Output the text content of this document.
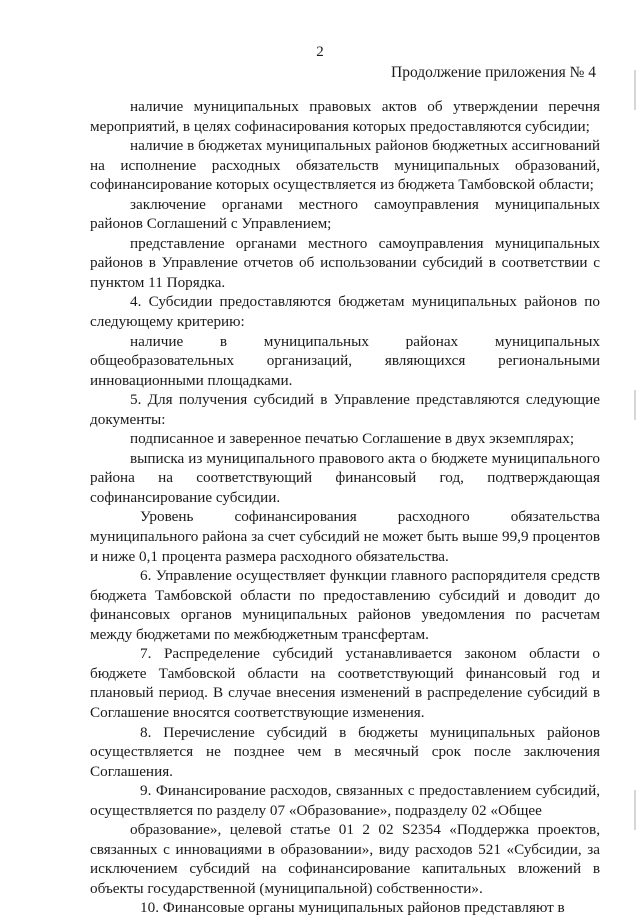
2
Продолжение приложения № 4

наличие муниципальных правовых актов об утверждении перечня мероприятий, в целях софинасирования которых предоставляются субсидии;

наличие в бюджетах муниципальных районов бюджетных ассигнований на исполнение расходных обязательств муниципальных образований, софинансирование которых осуществляется из бюджета Тамбовской области;

заключение органами местного самоуправления муниципальных районов Соглашений с Управлением;

представление органами местного самоуправления муниципальных районов в Управление отчетов об использовании субсидий в соответствии с пунктом 11 Порядка.

4. Субсидии предоставляются бюджетам муниципальных районов по следующему критерию:

наличие в муниципальных районах муниципальных общеобразовательных организаций, являющихся региональными инновационными площадками.

5. Для получения субсидий в Управление представляются следующие документы:

подписанное и заверенное печатью Соглашение в двух экземплярах;

выписка из муниципального правового акта о бюджете муниципального района на соответствующий финансовый год, подтверждающая софинансирование субсидии.

Уровень софинансирования расходного обязательства муниципального района за счет субсидий не может быть выше 99,9 процентов и ниже 0,1 процента размера расходного обязательства.

6. Управление осуществляет функции главного распорядителя средств бюджета Тамбовской области по предоставлению субсидий и доводит до финансовых органов муниципальных районов уведомления по расчетам между бюджетами по межбюджетным трансфертам.

7. Распределение субсидий устанавливается законом области о бюджете Тамбовской области на соответствующий финансовый год и плановый период. В случае внесения изменений в распределение субсидий в Соглашение вносятся соответствующие изменения.

8. Перечисление субсидий в бюджеты муниципальных районов осуществляется не позднее чем в месячный срок после заключения Соглашения.

9. Финансирование расходов, связанных с предоставлением субсидий, осуществляется по разделу 07 «Образование», подразделу 02 «Общее

образование», целевой статье 01 2 02 S2354 «Поддержка проектов, связанных с инновациями в образовании», виду расходов 521 «Субсидии, за исключением субсидий на софинансирование капитальных вложений в объекты государственной (муниципальной) собственности».

10. Финансовые органы муниципальных районов представляют в
